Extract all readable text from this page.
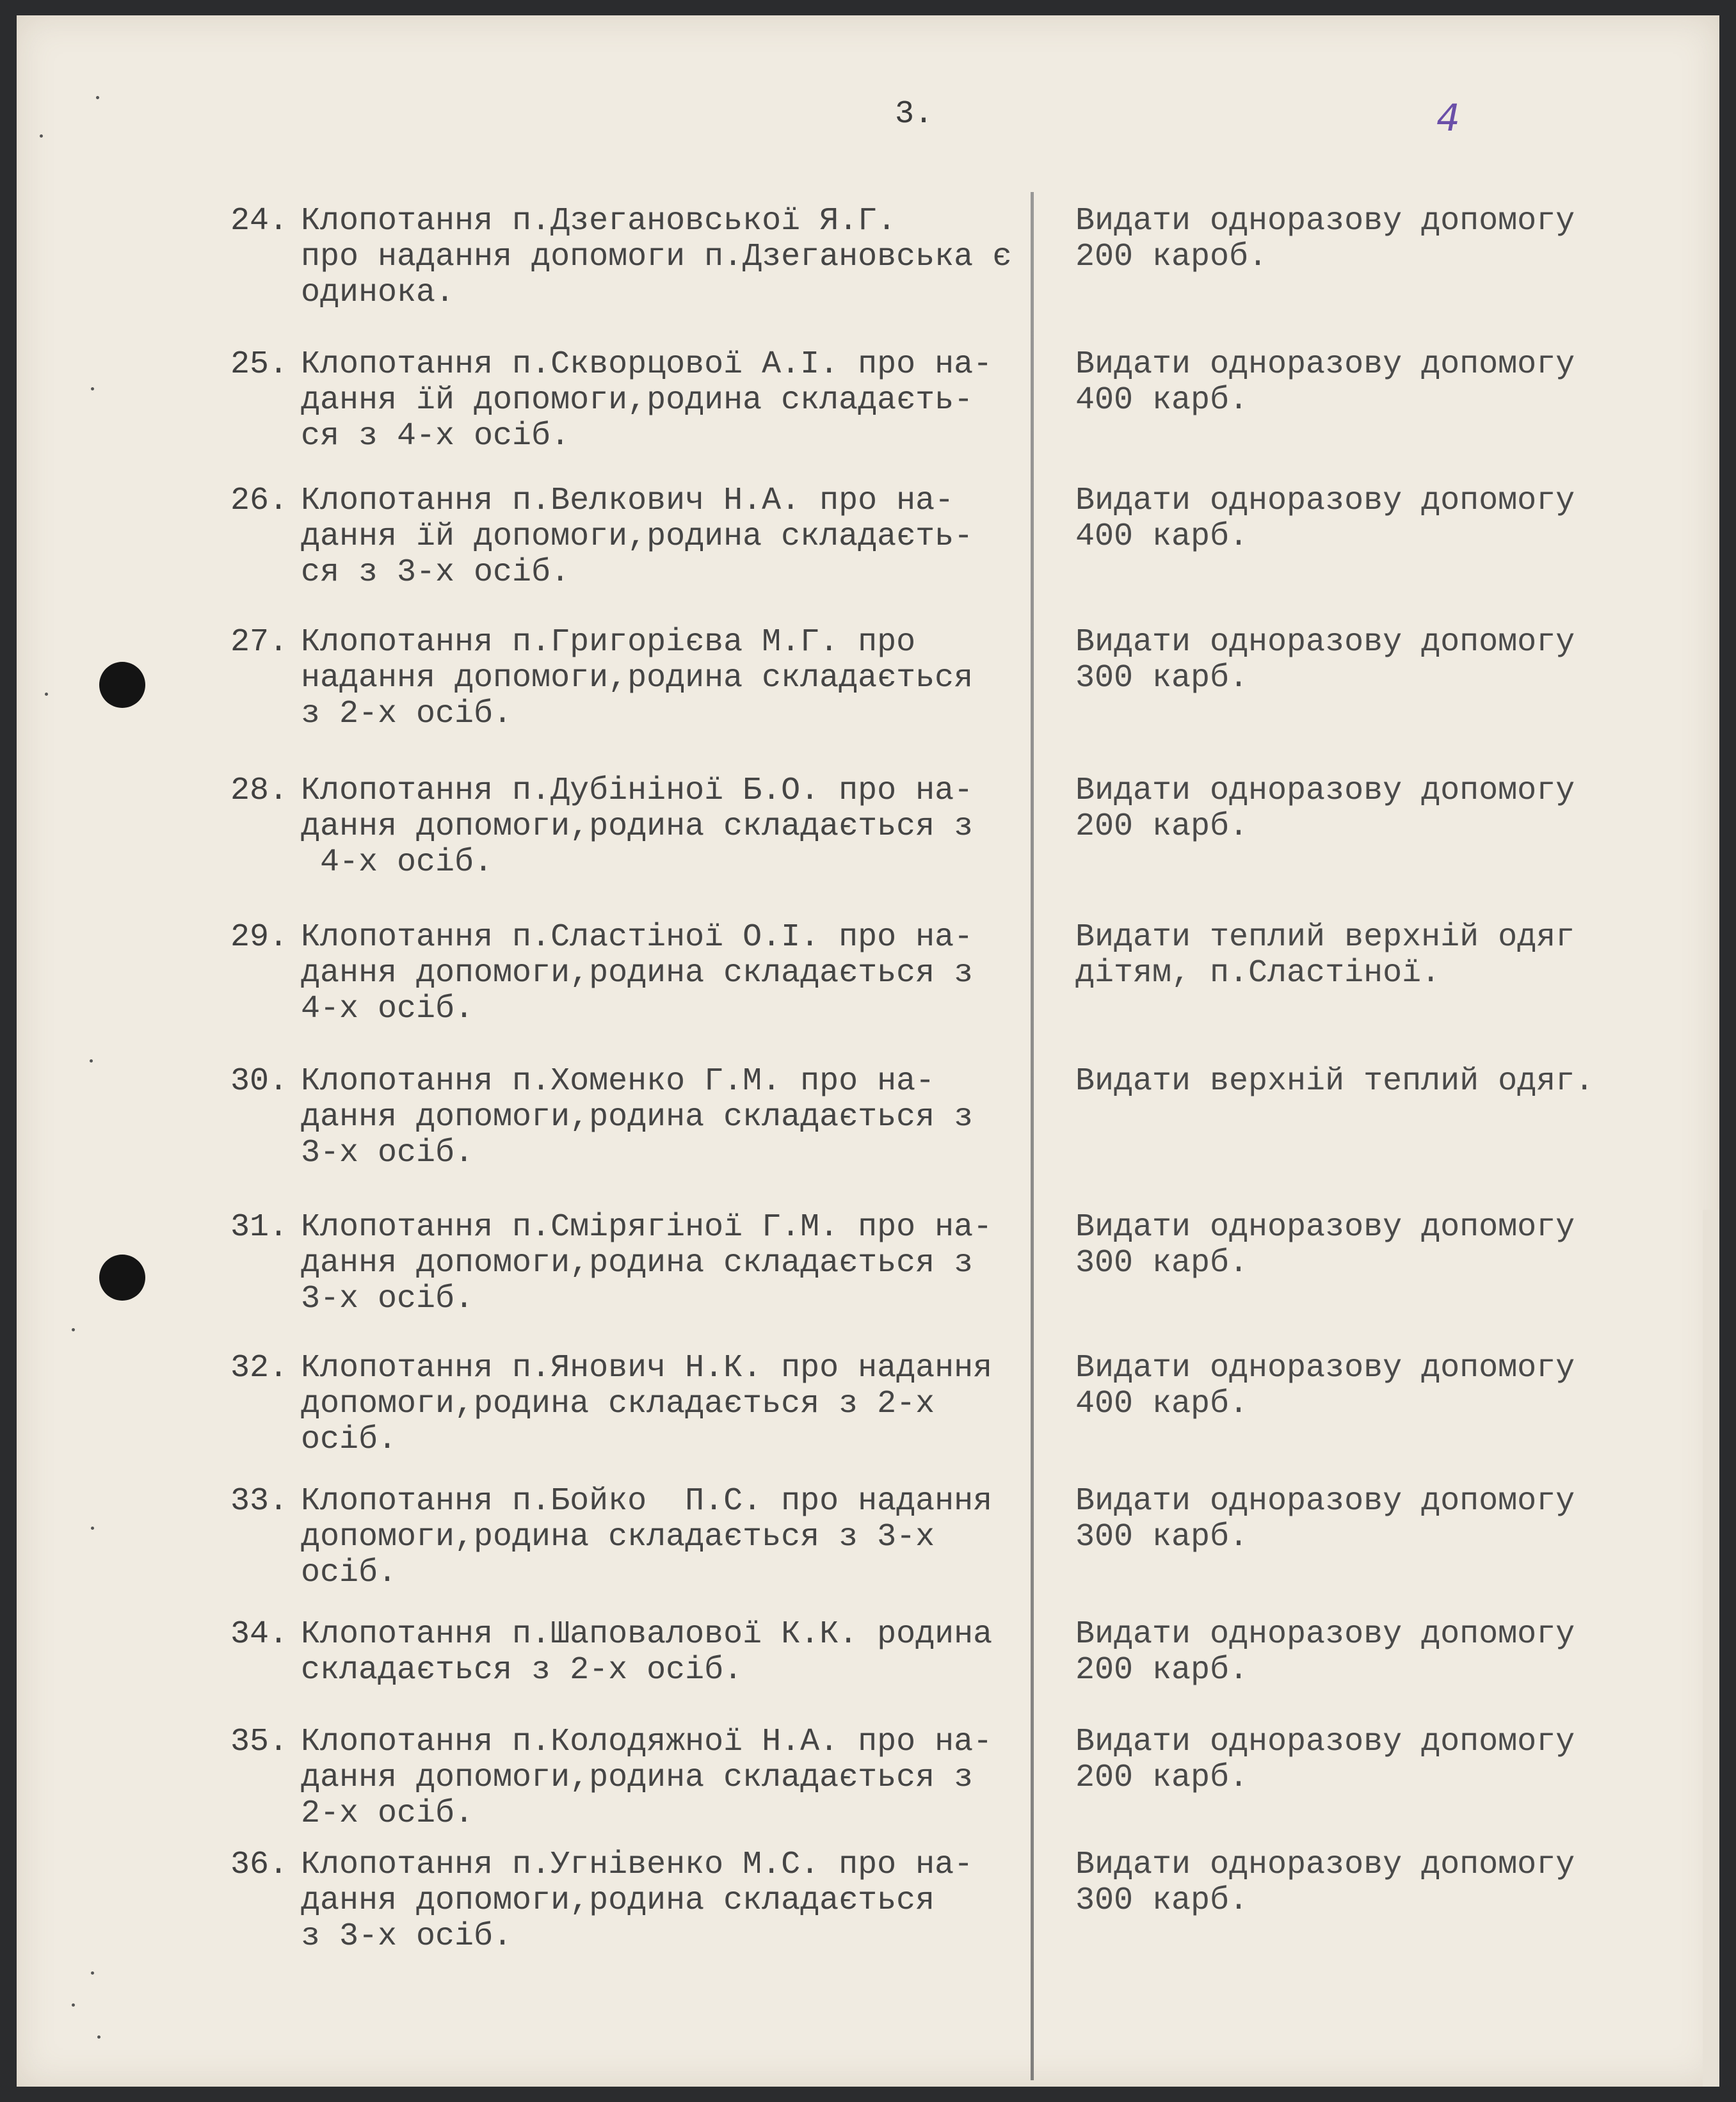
3.	4
24. Клопотання п.Дзегановської Я.Г.
про надання допомоги п.Дзегановська є
одинока.
Видати одноразову допомогу
200 кароб.
25. Клопотання п.Скворцової А.І. про на-
дання їй допомоги,родина складаєть-
ся з 4-х осіб.
Видати одноразову допомогу
400 карб.
26. Клопотання п.Велкович Н.А. про на-
дання їй допомоги,родина складаєть-
ся з 3-х осіб.
Видати одноразову допомогу
400 карб.
27. Клопотання п.Григорієва М.Г. про
надання допомоги,родина складається
з 2-х осіб.
Видати одноразову допомогу
300 карб.
28. Клопотання п.Дубініної Б.О. про на-
дання допомоги,родина складається з
4-х осіб.
Видати одноразову допомогу
200 карб.
29. Клопотання п.Сластіної О.І. про на-
дання допомоги,родина складається з
4-х осіб.
Видати теплий верхній одяг
дітям, п.Сластіної.
30. Клопотання п.Хоменко Г.М. про на-
дання допомоги,родина складається з
3-х осіб.
Видати верхній теплий одяг.
31. Клопотання п.Смірягіної Г.М. про на-
дання допомоги,родина складається з
3-х осіб.
Видати одноразову допомогу
300 карб.
32. Клопотання п.Янович Н.К. про надання
допомоги,родина складається з 2-х
осіб.
Видати одноразову допомогу
400 карб.
33. Клопотання п.Бойко  П.С. про надання
допомоги,родина складається з 3-х
осіб.
Видати одноразову допомогу
300 карб.
34. Клопотання п.Шаповалової К.К. родина
складається з 2-х осіб.
Видати одноразову допомогу
200 карб.
35. Клопотання п.Колодяжної Н.А. про на-
дання допомоги,родина складається з
2-х осіб.
Видати одноразову допомогу
200 карб.
36. Клопотання п.Угнівенко М.С. про на-
дання допомоги,родина складається
з 3-х осіб.
Видати одноразову допомогу
300 карб.
